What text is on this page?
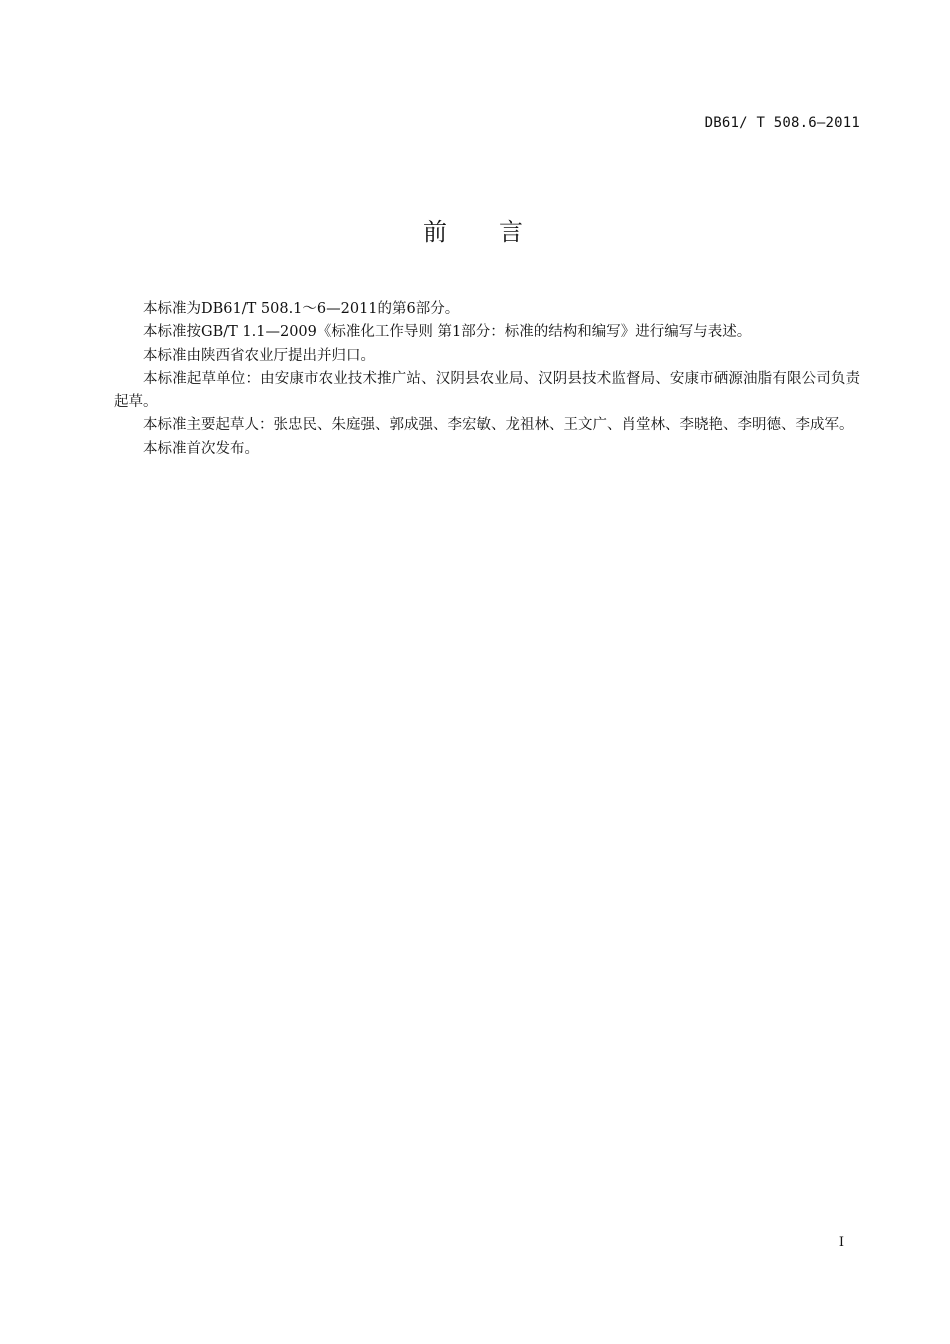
DB61/ T 508.6—2011
前 言

本标准为DB61/T 508.1～6—2011的第6部分。

本标准按GB/T 1.1—2009《标准化工作导则 第1部分：标准的结构和编写》进行编写与表述。

本标准由陕西省农业厅提出并归口。

本标准起草单位：由安康市农业技术推广站、汉阴县农业局、汉阴县技术监督局、安康市硒源油脂有限公司负责起草。

本标准主要起草人：张忠民、朱庭强、郭成强、李宏敏、龙祖林、王文广、肖堂林、李晓艳、李明德、李成军。

本标准首次发布。

I
